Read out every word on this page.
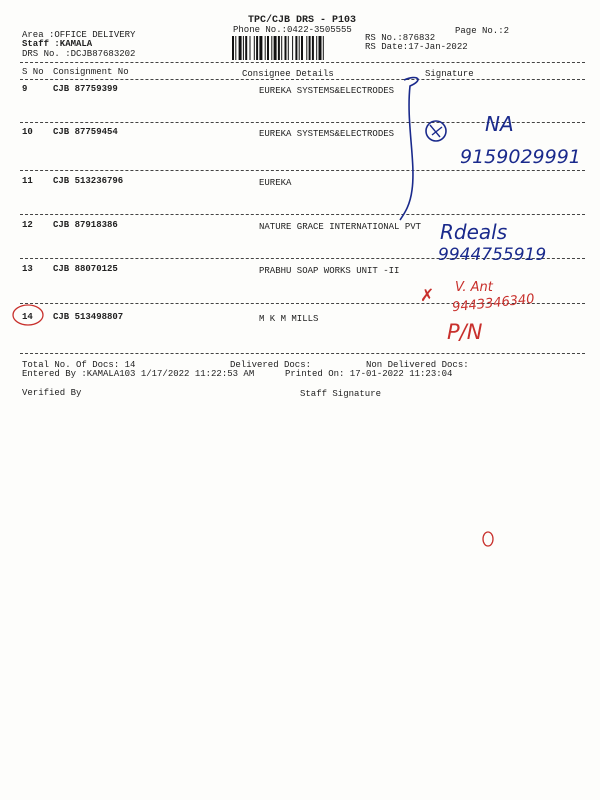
TPC/CJB DRS - P103
Phone No.:0422-3505555	Page No.:2
Area :OFFICE DELIVERY
Staff :KAMALA
DRS No. :DCJB87683202
RS No.:876832
RS Date:17-Jan-2022
S No Consignment No	Consignee Details	Signature
9	CJB 87759399	EUREKA SYSTEMS&ELECTRODES
10 CJB 87759454	EUREKA SYSTEMS&ELECTRODES
11 CJB 513236796	EUREKA
12 CJB 87918386	NATURE GRACE INTERNATIONAL PVT
13 CJB 88070125	PRABHU SOAP WORKS UNIT -II
14 CJB 513498807	M K M MILLS
Total No. Of Docs: 14	Delivered Docs:	Non Delivered Docs:
Entered By :KAMALA103 1/17/2022 11:22:53 AM	Printed On: 17-01-2022 11:23:04
Verified By	Staff Signature
NA
9159029991
Rdeals
9944755919
✗ V. Ant
9443346340
P/N
